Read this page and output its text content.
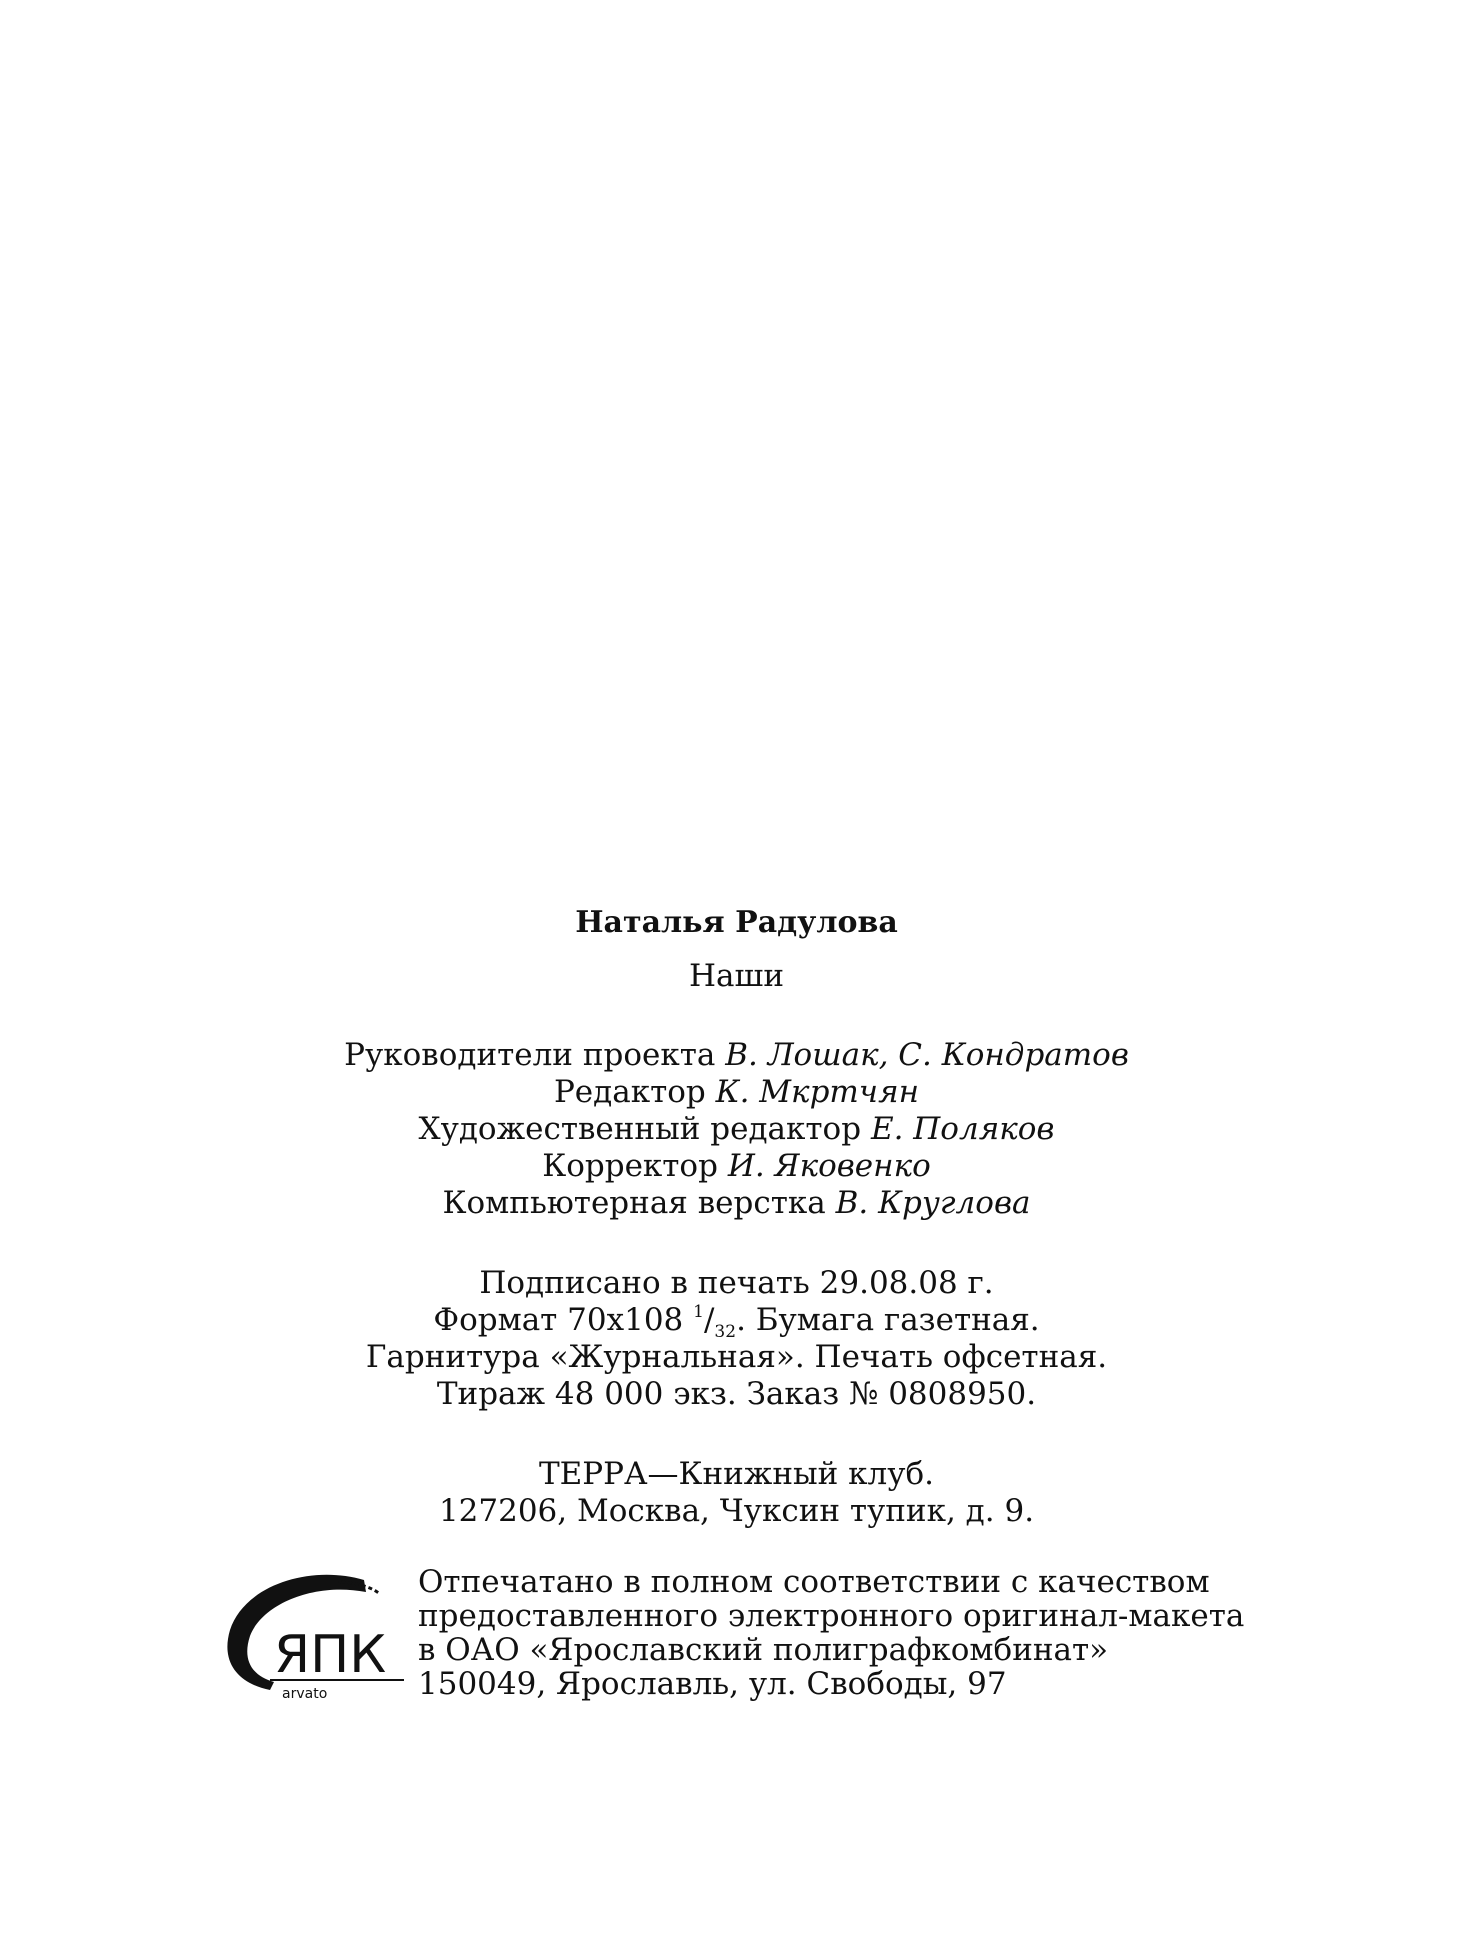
Наталья Радулова
Наши
Руководители проекта В. Лошак, С. Кондратов
Редактор К. Мкртчян
Художественный редактор Е. Поляков
Корректор И. Яковенко
Компьютерная верстка В. Круглова
Подписано в печать 29.08.08 г.
Формат 70x108 $^1/_{32}$. Бумага газетная.
Гарнитура «Журнальная». Печать офсетная.
Тираж 48 000 экз. Заказ № 0808950.
ТЕРРА—Книжный клуб.
127206, Москва, Чуксин тупик, д. 9.
ЯПК
arvato
Отпечатано в полном соответствии с качеством
предоставленного электронного оригинал-макета
в ОАО «Ярославский полиграфкомбинат»
150049, Ярославль, ул. Свободы, 97
